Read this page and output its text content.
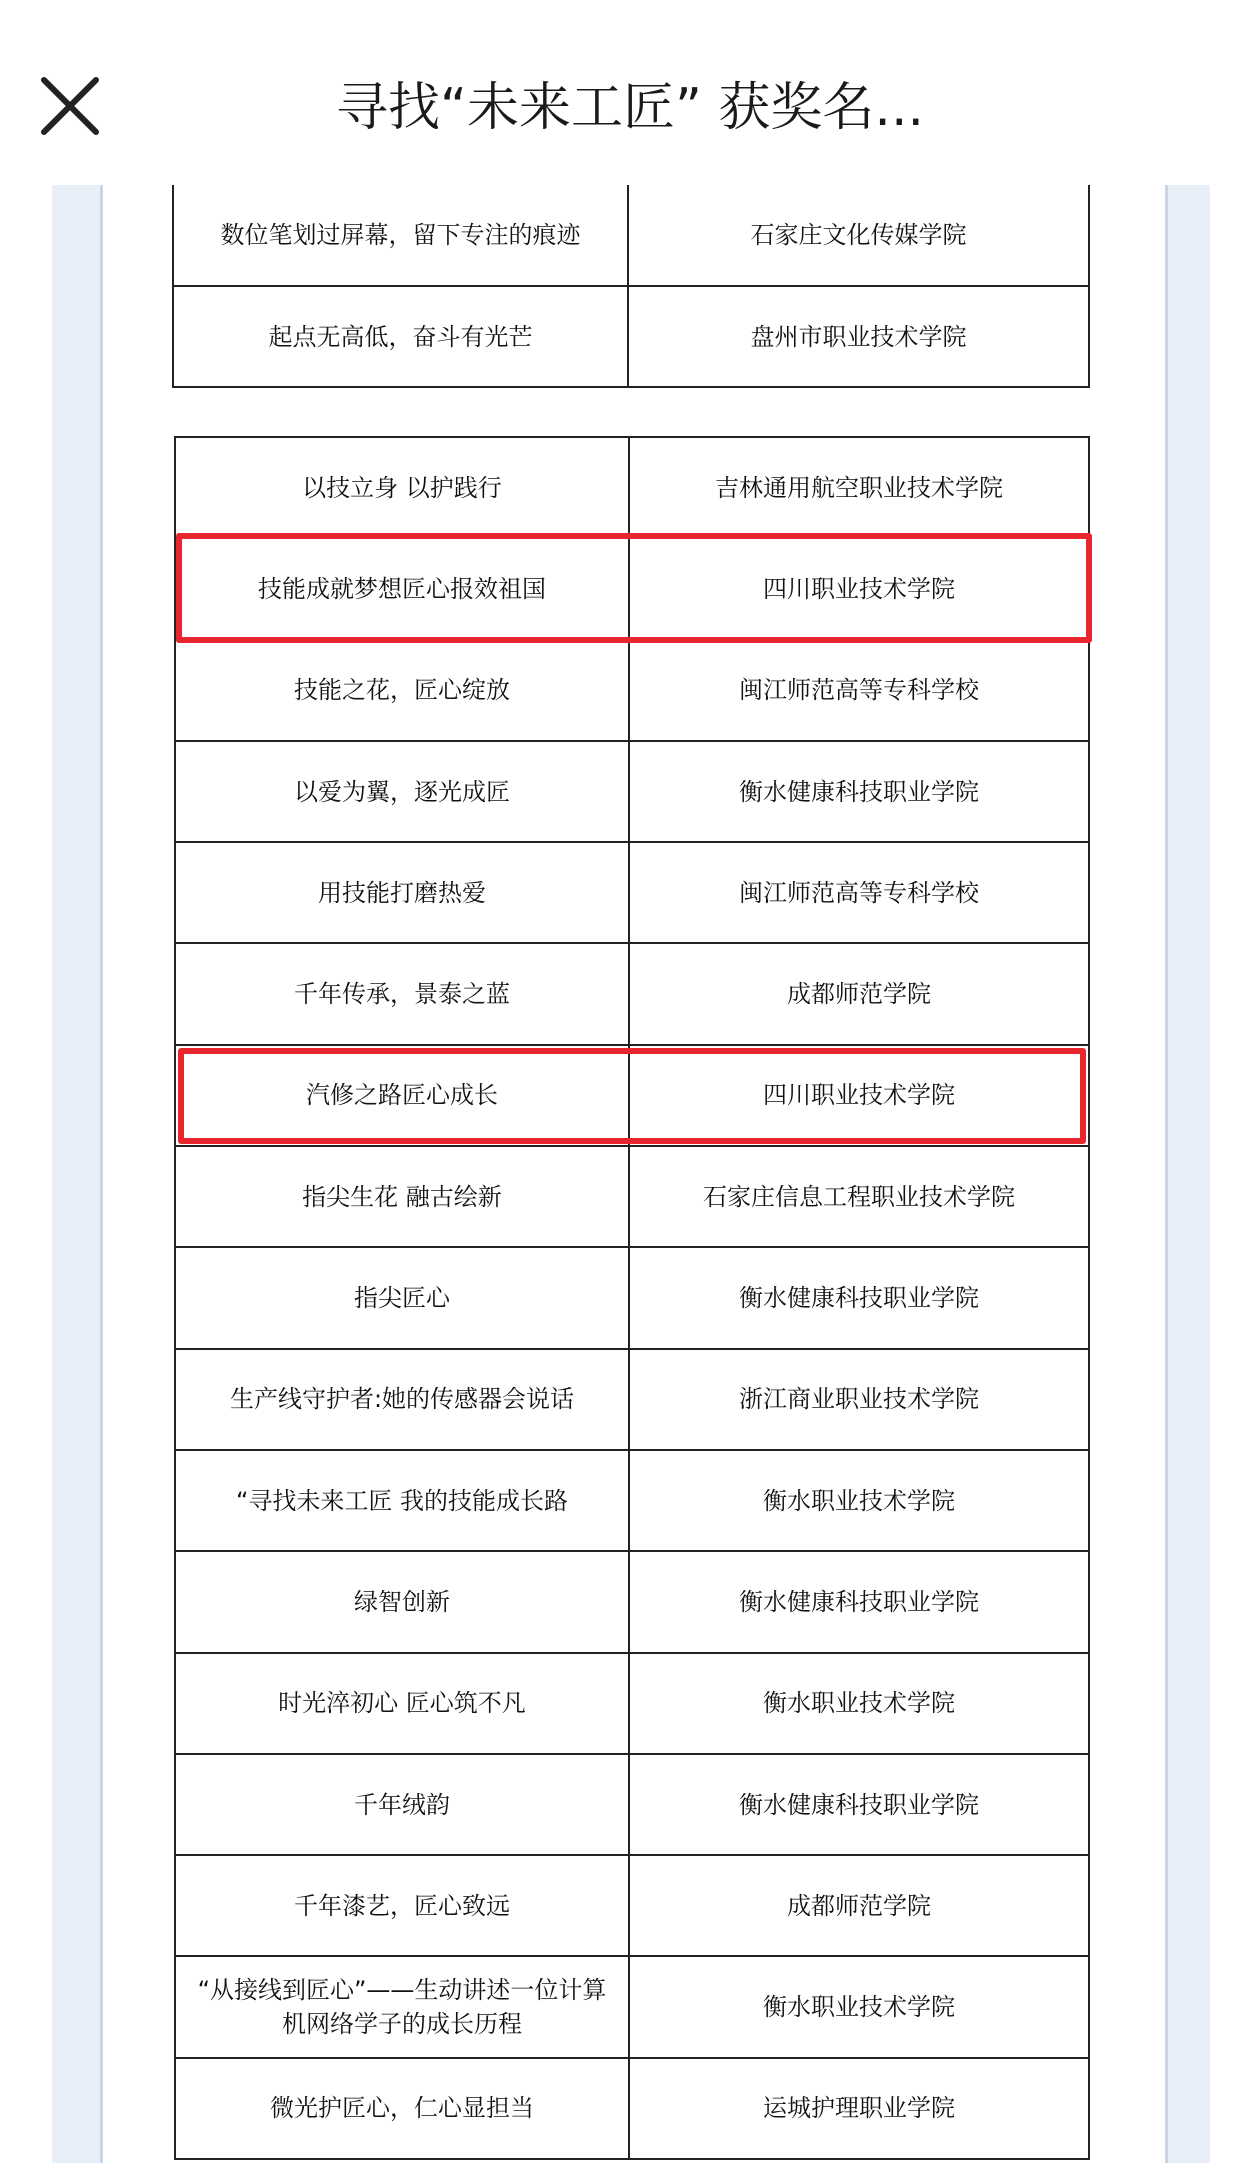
寻找“未来工匠” 获奖名...
数位笔划过屏幕，留下专注的痕迹	石家庄文化传媒学院
起点无高低，奋斗有光芒	盘州市职业技术学院
以技立身 以护践行	吉林通用航空职业技术学院
技能成就梦想匠心报效祖国	四川职业技术学院
技能之花，匠心绽放	闽江师范高等专科学校
以爱为翼，逐光成匠	衡水健康科技职业学院
用技能打磨热爱	闽江师范高等专科学校
千年传承，景泰之蓝	成都师范学院
汽修之路匠心成长	四川职业技术学院
指尖生花 融古绘新	石家庄信息工程职业技术学院
指尖匠心	衡水健康科技职业学院
生产线守护者:她的传感器会说话	浙江商业职业技术学院
“寻找未来工匠 我的技能成长路	衡水职业技术学院
绿智创新	衡水健康科技职业学院
时光淬初心 匠心筑不凡	衡水职业技术学院
千年绒韵	衡水健康科技职业学院
千年漆艺，匠心致远	成都师范学院
“从接线到匠心”——生动讲述一位计算机网络学子的成长历程	衡水职业技术学院
微光护匠心，仁心显担当	运城护理职业学院
